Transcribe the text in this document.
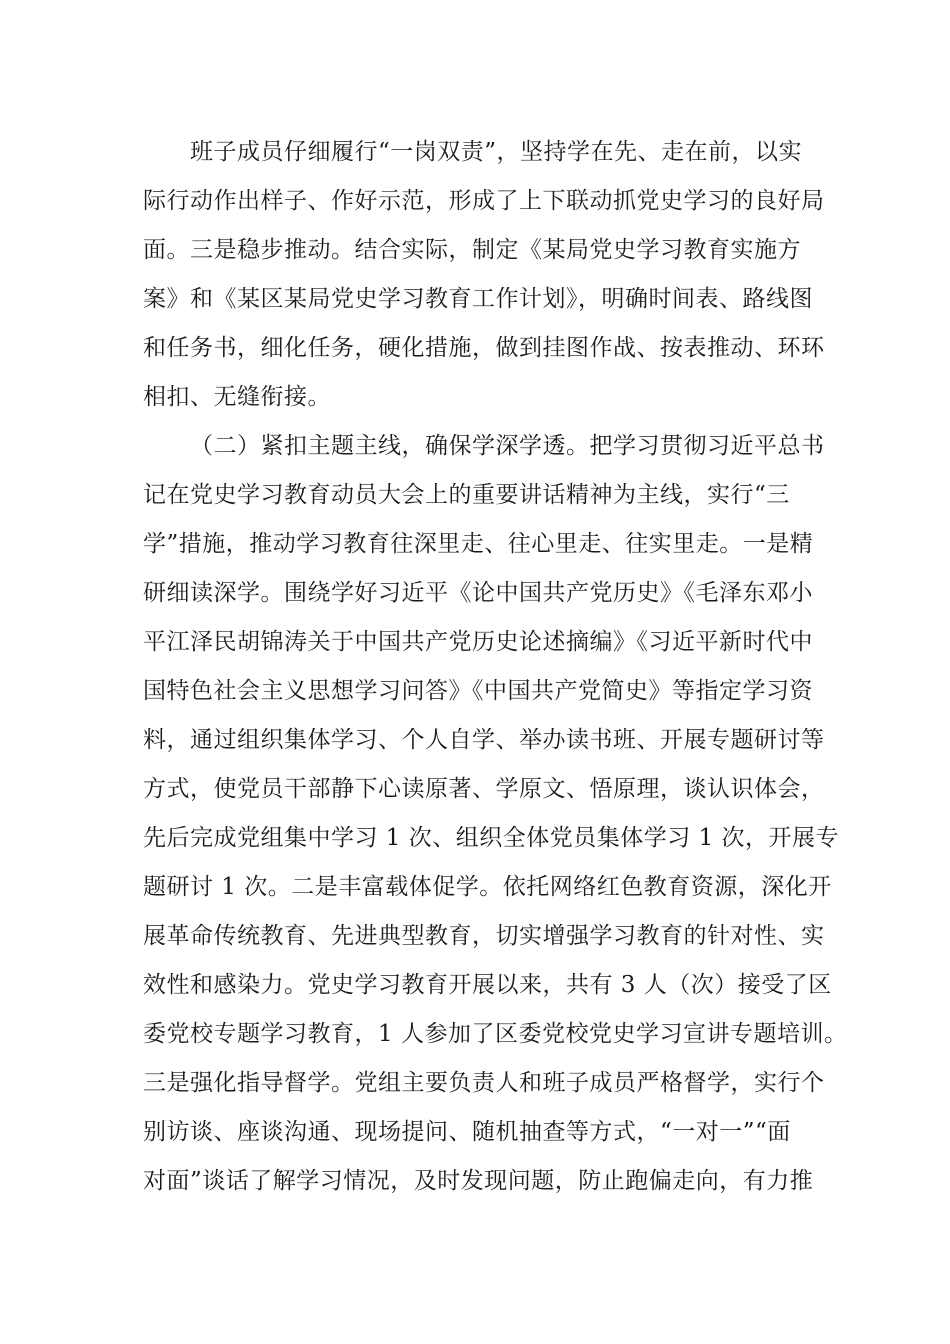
班子成员仔细履行“一岗双责”，坚持学在先、走在前，以实
际行动作出样子、作好示范，形成了上下联动抓党史学习的良好局
面。三是稳步推动。结合实际，制定《某局党史学习教育实施方
案》和《某区某局党史学习教育工作计划》，明确时间表、路线图
和任务书，细化任务，硬化措施，做到挂图作战、按表推动、环环
相扣、无缝衔接。
（二）紧扣主题主线，确保学深学透。把学习贯彻习近平总书
记在党史学习教育动员大会上的重要讲话精神为主线，实行“三
学”措施，推动学习教育往深里走、往心里走、往实里走。一是精
研细读深学。围绕学好习近平《论中国共产党历史》《毛泽东邓小
平江泽民胡锦涛关于中国共产党历史论述摘编》《习近平新时代中
国特色社会主义思想学习问答》《中国共产党简史》等指定学习资
料，通过组织集体学习、个人自学、举办读书班、开展专题研讨等
方式，使党员干部静下心读原著、学原文、悟原理，谈认识体会，
先后完成党组集中学习 1 次、组织全体党员集体学习 1 次，开展专
题研讨 1 次。二是丰富载体促学。依托网络红色教育资源，深化开
展革命传统教育、先进典型教育，切实增强学习教育的针对性、实
效性和感染力。党史学习教育开展以来，共有 3 人（次）接受了区
委党校专题学习教育，1 人参加了区委党校党史学习宣讲专题培训。
三是强化指导督学。党组主要负责人和班子成员严格督学，实行个
别访谈、座谈沟通、现场提问、随机抽查等方式，“一对一”“面
对面”谈话了解学习情况，及时发现问题，防止跑偏走向，有力推
